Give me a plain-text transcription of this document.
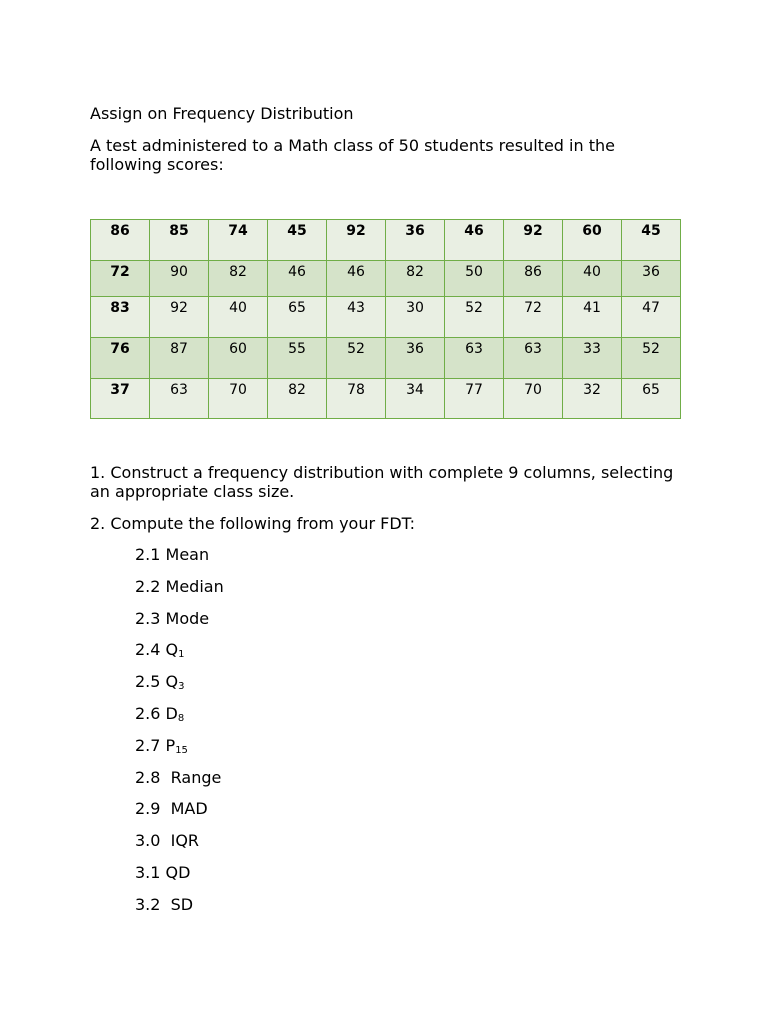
Assign on Frequency Distribution
A test administered to a Math class of 50 students resulted in the following scores:
86	85	74	45	92	36	46	92	60	45
72	90	82	46	46	82	50	86	40	36
83	92	40	65	43	30	52	72	41	47
76	87	60	55	52	36	63	63	33	52
37	63	70	82	78	34	77	70	32	65
1. Construct a frequency distribution with complete 9 columns, selecting an appropriate class size.
2. Compute the following from your FDT:
2.1 Mean
2.2 Median
2.3 Mode
2.4 $Q_1$
2.5 $Q_3$
2.6 $D_8$
2.7 $P_{15}$
2.8  Range
2.9  MAD
3.0  IQR
3.1 QD
3.2  SD
